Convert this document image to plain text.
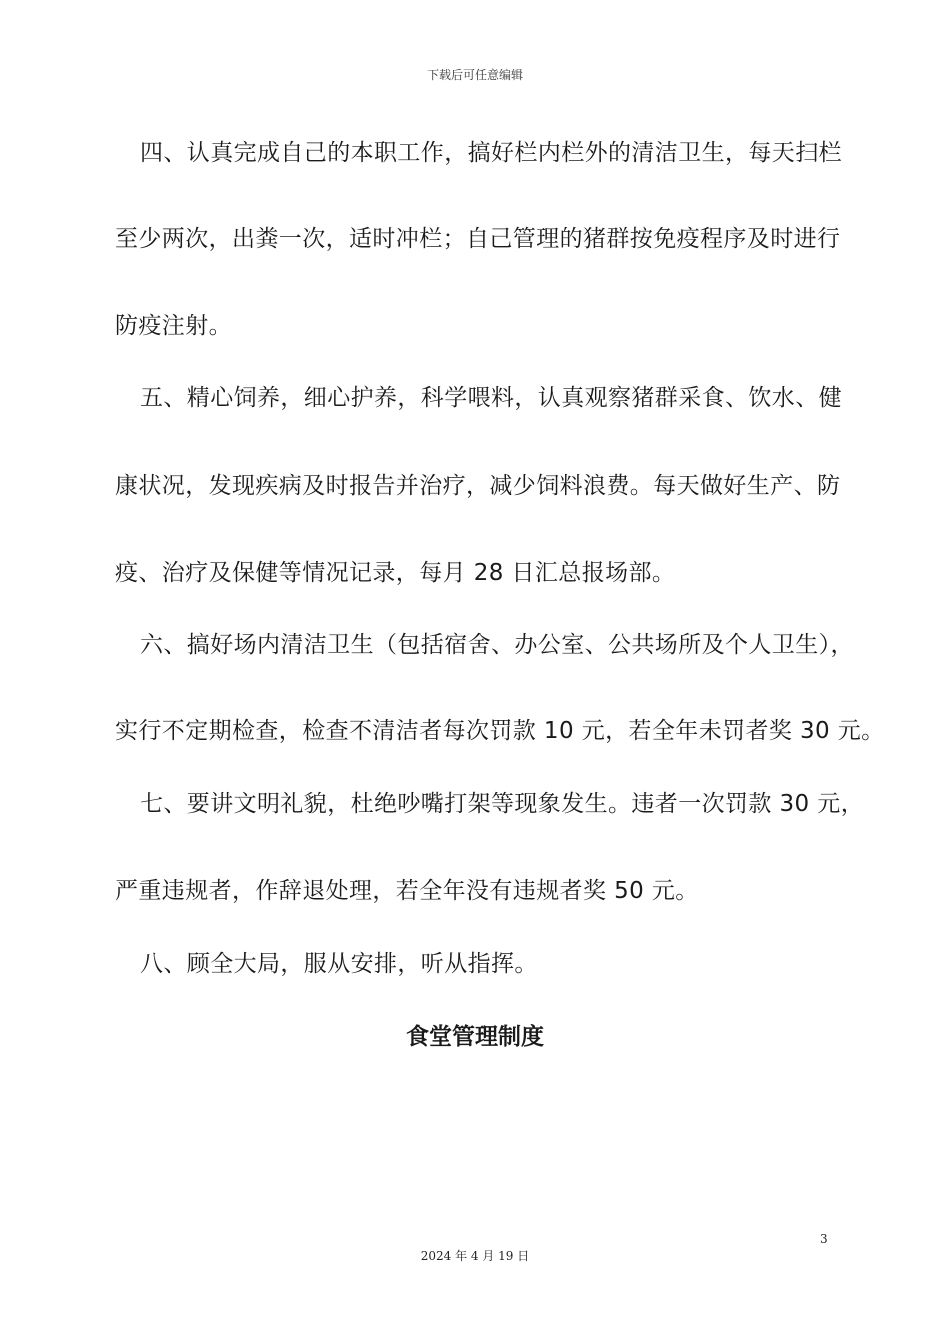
下载后可任意编辑
四、认真完成自己的本职工作，搞好栏内栏外的清洁卫生，每天扫栏
至少两次，出粪一次，适时冲栏；自己管理的猪群按免疫程序及时进行
防疫注射。
五、精心饲养，细心护养，科学喂料，认真观察猪群采食、饮水、健
康状况，发现疾病及时报告并治疗，减少饲料浪费。每天做好生产、防
疫、治疗及保健等情况记录，每月 28 日汇总报场部。
六、搞好场内清洁卫生（包括宿舍、办公室、公共场所及个人卫生），
实行不定期检查，检查不清洁者每次罚款 10 元，若全年未罚者奖 30 元。
七、要讲文明礼貌，杜绝吵嘴打架等现象发生。违者一次罚款 30 元，
严重违规者，作辞退处理，若全年没有违规者奖 50 元。
八、顾全大局，服从安排，听从指挥。
食堂管理制度
3
2024 年 4 月 19 日
